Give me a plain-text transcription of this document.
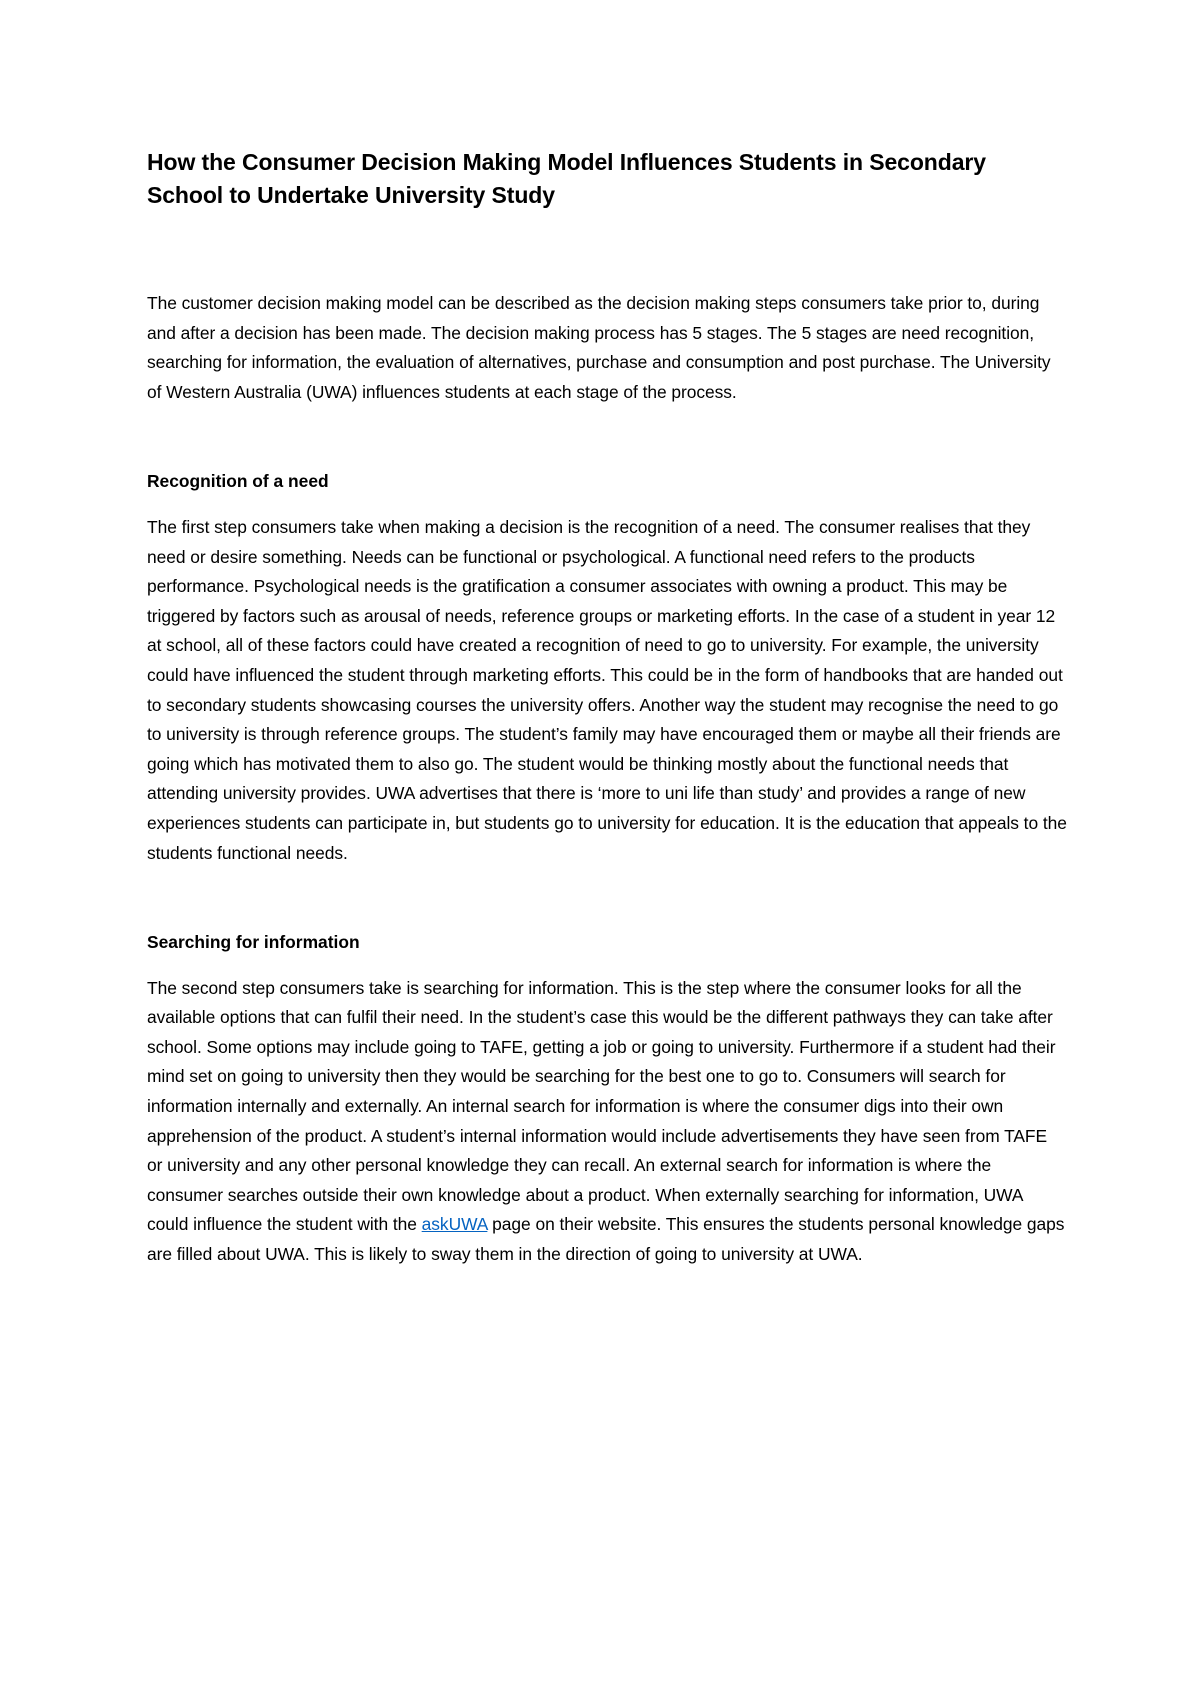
How the Consumer Decision Making Model Influences Students in Secondary School to Undertake University Study

The customer decision making model can be described as the decision making steps consumers take prior to, during and after a decision has been made. The decision making process has 5 stages. The 5 stages are need recognition, searching for information, the evaluation of alternatives, purchase and consumption and post purchase. The University of Western Australia (UWA) influences students at each stage of the process.

Recognition of a need

The first step consumers take when making a decision is the recognition of a need. The consumer realises that they need or desire something. Needs can be functional or psychological. A functional need refers to the products performance. Psychological needs is the gratification a consumer associates with owning a product. This may be triggered by factors such as arousal of needs, reference groups or marketing efforts. In the case of a student in year 12 at school, all of these factors could have created a recognition of need to go to university. For example, the university could have influenced the student through marketing efforts. This could be in the form of handbooks that are handed out to secondary students showcasing courses the university offers. Another way the student may recognise the need to go to university is through reference groups. The student’s family may have encouraged them or maybe all their friends are going which has motivated them to also go. The student would be thinking mostly about the functional needs that attending university provides. UWA advertises that there is ‘more to uni life than study’ and provides a range of new experiences students can participate in, but students go to university for education. It is the education that appeals to the students functional needs.

Searching for information

The second step consumers take is searching for information. This is the step where the consumer looks for all the available options that can fulfil their need. In the student’s case this would be the different pathways they can take after school. Some options may include going to TAFE, getting a job or going to university. Furthermore if a student had their mind set on going to university then they would be searching for the best one to go to. Consumers will search for information internally and externally. An internal search for information is where the consumer digs into their own apprehension of the product. A student’s internal information would include advertisements they have seen from TAFE or university and any other personal knowledge they can recall. An external search for information is where the consumer searches outside their own knowledge about a product. When externally searching for information, UWA could influence the student with the askUWA page on their website. This ensures the students personal knowledge gaps are filled about UWA. This is likely to sway them in the direction of going to university at UWA.
